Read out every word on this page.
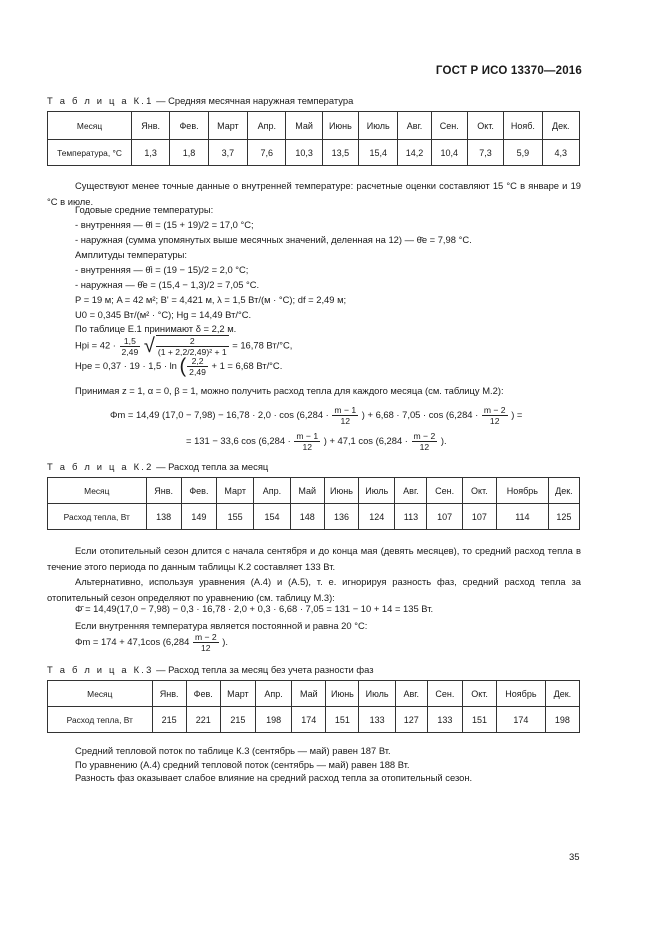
ГОСТ Р ИСО 13370—2016
Т а б л и ц а К.1 — Средняя месячная наружная температура
Месяц	Янв.	Фев.	Март	Апр.	Май	Июнь	Июль	Авг.	Сен.	Окт.	Нояб.	Дек.
Температура, °С	1,3	1,8	3,7	7,6	10,3	13,5	15,4	14,2	10,4	7,3	5,9	4,3
Существуют менее точные данные о внутренней температуре: расчетные оценки составляют 15 °С в январе и 19 °С в июле.
Годовые средние температуры:
- внутренняя — θ̄i = (15 + 19)/2 = 17,0 °С;
- наружная (сумма упомянутых выше месячных значений, деленная на 12) — θ̄e = 7,98 °С.
Амплитуды температуры:
- внутренняя — θ̂i = (19 − 15)/2 = 2,0 °С;
- наружная — θ̂e = (15,4 − 1,3)/2 = 7,05 °С.
P = 19 м; A = 42 м²; B' = 4,421 м, λ = 1,5 Вт/(м · °С); df = 2,49 м;
U0 = 0,345 Вт/(м² · °С); Hg = 14,49 Вт/°С.
По таблице Е.1 принимают δ = 2,2 м.
Hpi = $42 \cdot \frac{1,5}{2,49}$ √ $\frac{2}{\text{(1 + 2,2/2,49)² + 1}} = 16,78$ Вт/°С,
Hpe = 0,37 · 19 · 1,5 · ln ( $\frac{2,2}{2,49} + 1 = 6,68$ Вт/°С.
Принимая z = 1, α = 0, β = 1, можно получить расход тепла для каждого месяца (см. таблицу М.2):
Φm = 14,49 $(17,0 - 7,98) - 16,78 \cdot 2,0 \cdot \cos (6,284 \cdot \frac{m - 1}{12}$ ) + $6,68 \cdot 7,05 \cdot \cos (6,284 \cdot \frac{m - 2}{12}$ ) =
= 131 − 33,6 $\cos (6,284 \cdot \frac{m - 1}{12}$ ) + 47,1 $\cos (6,284 \cdot \frac{m - 2}{12}$ ).
Т а б л и ц а К.2 — Расход тепла за месяц
Месяц	Янв.	Фев.	Март	Апр.	Май	Июнь	Июль	Авг.	Сен.	Окт.	Ноябрь	Дек.
Расход тепла, Вт	138	149	155	154	148	136	124	113	107	107	114	125
Если отопительный сезон длится с начала сентября и до конца мая (девять месяцев), то средний расход тепла в течение этого периода по данным таблицы К.2 составляет 133 Вт.
Альтернативно, используя уравнения (А.4) и (А.5), т. е. игнорируя разность фаз, средний расход тепла за отопительный сезон определяют по уравнению (см. таблицу М.3):
Φ̄ = 14,49(17,0 − 7,98) − 0,3 · 16,78 · 2,0 + 0,3 · 6,68 · 7,05 = 131 − 10 + 14 = 135 Вт.
Если внутренняя температура является постоянной и равна 20 °С:
Φm = 174 + 47,1cos ($6,284 \frac{m - 2}{12}$ ).
Т а б л и ц а К.3 — Расход тепла за месяц без учета разности фаз
Месяц	Янв.	Фев.	Март	Апр.	Май	Июнь	Июль	Авг.	Сен.	Окт.	Ноябрь	Дек.
Расход тепла, Вт	215	221	215	198	174	151	133	127	133	151	174	198
Средний тепловой поток по таблице К.3 (сентябрь — май) равен 187 Вт.
По уравнению (А.4) средний тепловой поток (сентябрь — май) равен 188 Вт.
Разность фаз оказывает слабое влияние на средний расход тепла за отопительный сезон.
35
